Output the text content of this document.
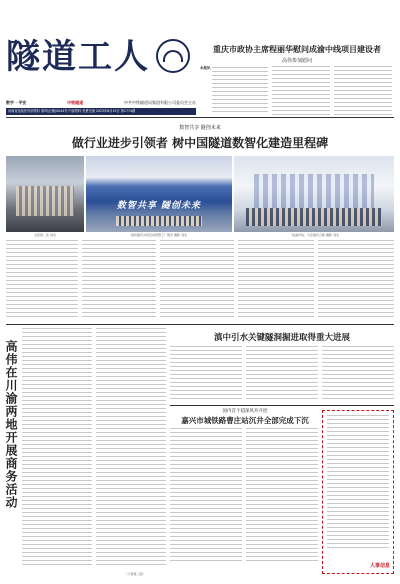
隧 道 工 人
数字 · 平安	中铁隧道	中共中铁隧道局集团有限公司委员会主办
河南省连续性内部资料 准印证(豫)0044号 内部资料 免费交流 2023年8月15日 第1774期
重庆市政协主席程丽华慰问成渝中线项目建设者
高伟参加慰问
本报讯
数智共享 隧创未来
做行业进步引领者 树中国隧道数智化建造里程碑
数智共享 隧创未来
左起第二张 刘永	现场嘉宾共同启动智慧工厂建设 摄影 刘永	「成渝中线」与会嘉宾合影 摄影 刘永
高伟在川渝两地开展商务活动
（下转第二版）
滇中引水关键隧洞掘进取得重大进展
国内首个超深风井开挖
嘉兴市城铁路曹庄站沉井全部完成下沉
人事信息
